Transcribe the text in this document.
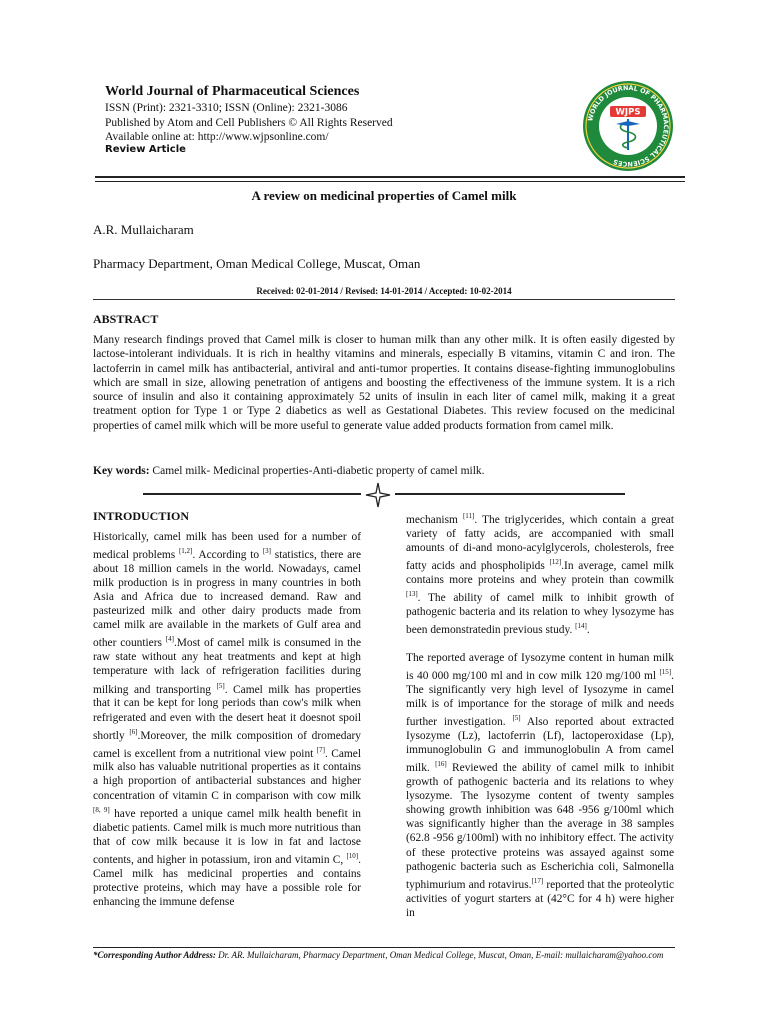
World Journal of Pharmaceutical Sciences
ISSN (Print): 2321-3310; ISSN (Online): 2321-3086
Published by Atom and Cell Publishers © All Rights Reserved
Available online at: http://www.wjpsonline.com/
Review Article
WORLD JOURNAL OF PHARMACEUTICAL SCIENCES
WJPS
A review on medicinal properties of Camel milk
A.R. Mullaicharam
Pharmacy Department, Oman Medical College, Muscat, Oman
Received: 02-01-2014 / Revised: 14-01-2014 / Accepted: 10-02-2014
ABSTRACT
Many research findings proved that Camel milk is closer to human milk than any other milk. It is often easily digested by lactose-intolerant individuals. It is rich in healthy vitamins and minerals, especially B vitamins, vitamin C and iron. The lactoferrin in camel milk has antibacterial, antiviral and anti-tumor properties. It contains disease-fighting immunoglobulins which are small in size, allowing penetration of antigens and boosting the effectiveness of the immune system. It is a rich source of insulin and also it containing approximately 52 units of insulin in each liter of camel milk, making it a great treatment option for Type 1 or Type 2 diabetics as well as Gestational Diabetes. This review focused on the medicinal properties of camel milk which will be more useful to generate value added products formation from camel milk.
Key words: Camel milk- Medicinal properties-Anti-diabetic property of camel milk.
INTRODUCTION

Historically, camel milk has been used for a number of medical problems [1,2]. According to [3] statistics, there are about 18 million camels in the world. Nowadays, camel milk production is in progress in many countries in both Asia and Africa due to increased demand. Raw and pasteurized milk and other dairy products made from camel milk are available in the markets of Gulf area and other countiers [4].Most of camel milk is consumed in the raw state without any heat treatments and kept at high temperature with lack of refrigeration facilities during milking and transporting [5]. Camel milk has properties that it can be kept for long periods than cow's milk when refrigerated and even with the desert heat it doesnot spoil shortly [6].Moreover, the milk composition of dromedary camel is excellent from a nutritional view point [7]. Camel milk also has valuable nutritional properties as it contains a high proportion of antibacterial substances and higher concentration of vitamin C in comparison with cow milk [8, 9] have reported a unique camel milk health benefit in diabetic patients. Camel milk is much more nutritious than that of cow milk because it is low in fat and lactose contents, and higher in potassium, iron and vitamin C, [10]. Camel milk has medicinal properties and contains protective proteins, which may have a possible role for enhancing the immune defense

mechanism [11]. The triglycerides, which contain a great variety of fatty acids, are accompanied with small amounts of di-and mono-acylglycerols, cholesterols, free fatty acids and phospholipids [12].In average, camel milk contains more proteins and whey protein than cowmilk [13]. The ability of camel milk to inhibit growth of pathogenic bacteria and its relation to whey lysozyme has been demonstratedin previous study. [14].

The reported average of Iysozyme content in human milk is 40 000 mg/100 ml and in cow milk 120 mg/100 ml [15]. The significantly very high level of Iysozyme in camel milk is of importance for the storage of milk and needs further investigation. [5] Also reported about extracted Iysozyme (Lz), lactoferrin (Lf), lactoperoxidase (Lp), immunoglobulin G and immunoglobulin A from camel milk. [16] Reviewed the ability of camel milk to inhibit growth of pathogenic bacteria and its relations to whey lysozyme. The lysozyme content of twenty samples showing growth inhibition was 648 -956 g/100ml which was significantly higher than the average in 38 samples (62.8 -956 g/100ml) with no inhibitory effect. The activity of these protective proteins was assayed against some pathogenic bacteria such as Escherichia coli, Salmonella typhimurium and rotavirus.[17] reported that the proteolytic activities of yogurt starters at (42°C for 4 h) were higher in

*Corresponding Author Address: Dr. AR. Mullaicharam, Pharmacy Department, Oman Medical College, Muscat, Oman, E-mail: mullaicharam@yahoo.com
